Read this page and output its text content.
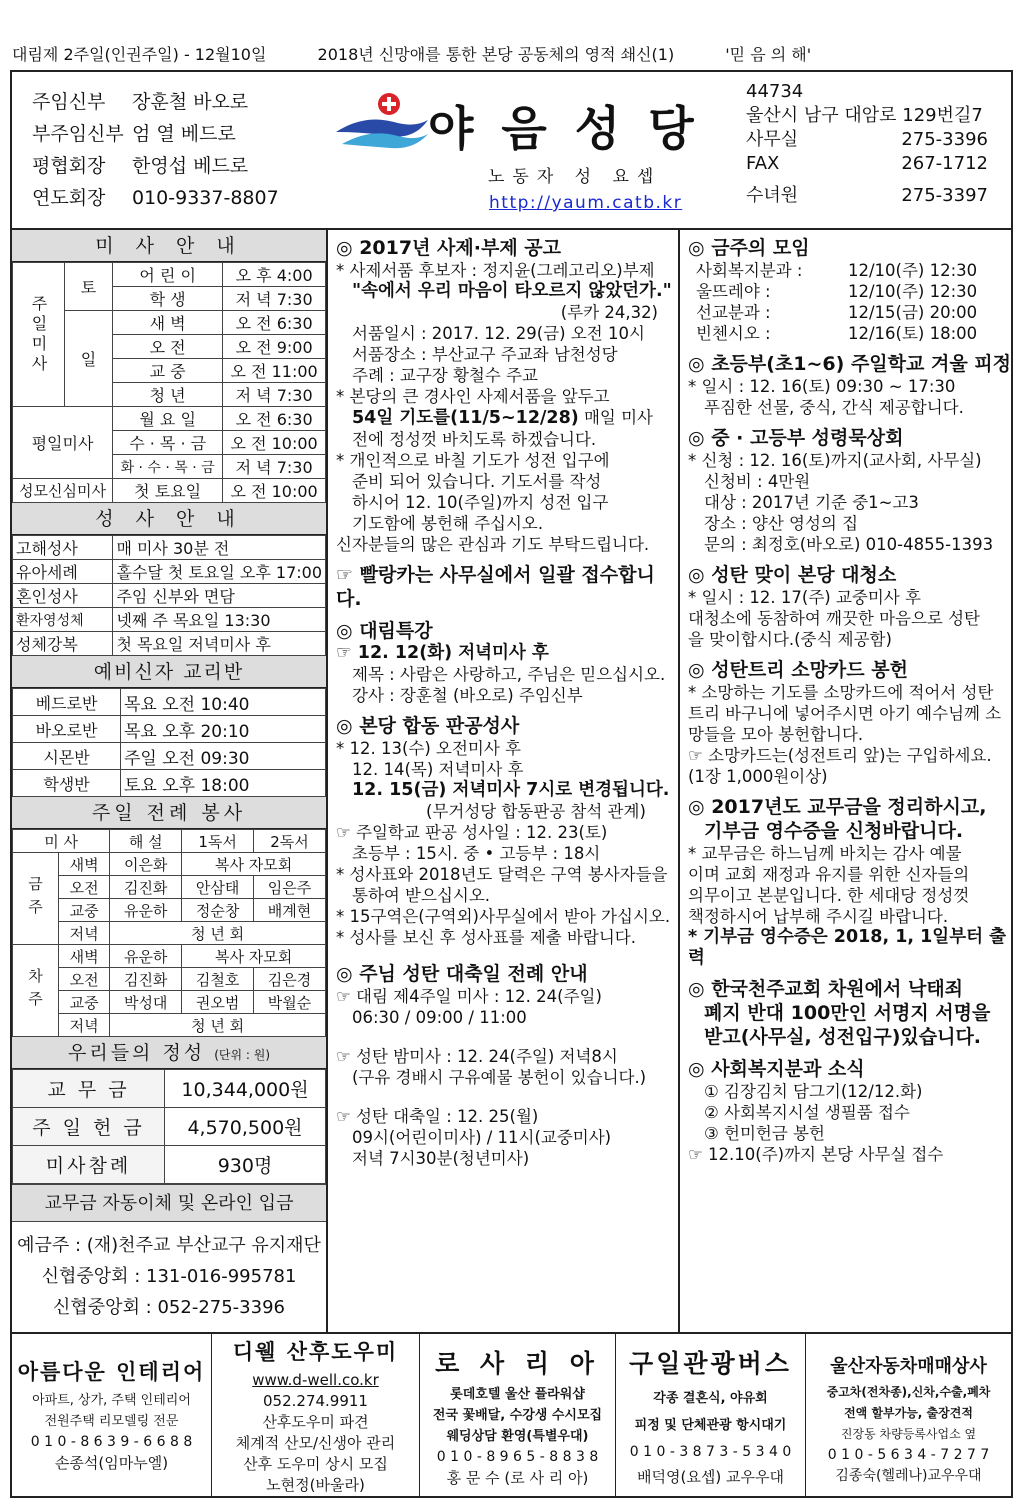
대림제 2주일(인권주일) - 12월10일	2018년 신망애를 통한 본당 공동체의 영적 쇄신(1)	'믿 음 의 해'
주임신부	장훈철 바오로
부주임신부 엄 열 베드로
평협회장	한영섭 베드로
연도회장	010-9337-8807
야음성당
노동자 성 요셉
http://yaum.catb.kr
44734
울산시 남구 대암로 129번길7
사무실	275-3396
FAX	267-1712
수녀원	275-3397
미 사 안 내
주일미사	토	어 린 이	오 후 4:00
		학 생	저 녁 7:30
	일	새 벽	오 전 6:30
		오 전	오 전 9:00
		교 중	오 전 11:00
		청 년	저 녁 7:30
평일미사		월 요 일	오 전 6:30
		수 · 목 · 금	오 전 10:00
		화 · 수 · 목 · 금	저 녁 7:30
성모신심미사		첫 토요일	오 전 10:00
성 사 안 내
고해성사	매 미사 30분 전
유아세례	홀수달 첫 토요일 오후 17:00
혼인성사	주임 신부와 면담
환자영성체	넷째 주 목요일 13:30
성체강복	첫 목요일 저녁미사 후
예비신자 교리반
베드로반	목요 오전 10:40
바오로반	목요 오후 20:10
시몬반	주일 오전 09:30
학생반	토요 오후 18:00
주일 전례 봉사
미 사		해 설	1독서	2독서
금주	새벽	이은화	복사 자모회	
	오전	김진화	안삼태	임은주
	교중	유운하	정순창	배계현
	저녁	청 년 회		
차주	새벽	유운하	복사 자모회	
	오전	김진화	김철호	김은경
	교중	박성대	권오범	박월순
	저녁	청 년 회		
우리들의 정성 (단위 : 원)
교 무 금	10,344,000원
주 일 헌 금	4,570,500원
미사참례	930명
교무금 자동이체 및 온라인 입금
예금주 : (재)천주교 부산교구 유지재단
신협중앙회 : 131-016-995781
신협중앙회 : 052-275-3396
◎ 2017년 사제·부제 공고
* 사제서품 후보자 : 정지윤(그레고리오)부제
"속에서 우리 마음이 타오르지 않았던가."
(루카 24,32)
서품일시 : 2017. 12. 29(금) 오전 10시
서품장소 : 부산교구 주교좌 남천성당
주례 : 교구장 황철수 주교
* 본당의 큰 경사인 사제서품을 앞두고
54일 기도를(11/5~12/28) 매일 미사
전에 정성껏 바치도록 하겠습니다.
* 개인적으로 바칠 기도가 성전 입구에
준비 되어 있습니다. 기도서를 작성
하시어 12. 10(주일)까지 성전 입구
기도함에 봉헌해 주십시오.
신자분들의 많은 관심과 기도 부탁드립니다.
☞ 빨랑카는 사무실에서 일괄 접수합니다.
◎ 대림특강
☞ 12. 12(화) 저녁미사 후
제목 : 사람은 사랑하고, 주님은 믿으십시오.
강사 : 장훈철 (바오로) 주임신부
◎ 본당 합동 판공성사
* 12. 13(수) 오전미사 후
12. 14(목) 저녁미사 후
12. 15(금) 저녁미사 7시로 변경됩니다.
(무거성당 합동판공 참석 관계)
☞ 주일학교 판공 성사일 : 12. 23(토)
초등부 : 15시. 중 • 고등부 : 18시
* 성사표와 2018년도 달력은 구역 봉사자들을
통하여 받으십시오.
* 15구역은(구역외)사무실에서 받아 가십시오.
* 성사를 보신 후 성사표를 제출 바랍니다.
◎ 주님 성탄 대축일 전례 안내
☞ 대림 제4주일 미사 : 12. 24(주일)
06:30 / 09:00 / 11:00
☞ 성탄 밤미사 : 12. 24(주일) 저녁8시
(구유 경배시 구유예물 봉헌이 있습니다.)
☞ 성탄 대축일 : 12. 25(월)
09시(어린이미사) / 11시(교중미사)
저녁 7시30분(청년미사)
◎ 금주의 모임
사회복지분과 :	12/10(주) 12:30
울뜨레야 :	12/10(주) 12:30
선교분과 :	12/15(금) 20:00
빈첸시오 :	12/16(토) 18:00
◎ 초등부(초1~6) 주일학교 겨울 피정
* 일시 : 12. 16(토) 09:30 ~ 17:30
푸짐한 선물, 중식, 간식 제공합니다.
◎ 중 · 고등부 성령묵상회
* 신청 : 12. 16(토)까지(교사회, 사무실)
신청비 : 4만원
대상 : 2017년 기준 중1~고3
장소 : 양산 영성의 집
문의 : 최정호(바오로) 010-4855-1393
◎ 성탄 맞이 본당 대청소
* 일시 : 12. 17(주) 교중미사 후
대청소에 동참하여 깨끗한 마음으로 성탄
을 맞이합시다.(중식 제공함)
◎ 성탄트리 소망카드 봉헌
* 소망하는 기도를 소망카드에 적어서 성탄
트리 바구니에 넣어주시면 아기 예수님께 소
망들을 모아 봉헌합니다.
☞ 소망카드는(성전트리 앞)는 구입하세요.
(1장 1,000원이상)
◎ 2017년도 교무금을 정리하시고,
기부금 영수증을 신청바랍니다.
* 교무금은 하느님께 바치는 감사 예물
이며 교회 재정과 유지를 위한 신자들의
의무이고 본분입니다. 한 세대당 정성껏
책정하시어 납부해 주시길 바랍니다.
* 기부금 영수증은 2018, 1, 1일부터 출력
◎ 한국천주교회 차원에서 낙태죄
폐지 반대 100만인 서명지 서명을
받고(사무실, 성전입구)있습니다.
◎ 사회복지분과 소식
① 김장김치 담그기(12/12.화)
② 사회복지시설 생필품 접수
③ 헌미헌금 봉헌
☞ 12.10(주)까지 본당 사무실 접수
아름다운 인테리어
아파트, 상가, 주택 인테리어
전원주택 리모델링 전문
0 1 0 - 8 6 3 9 - 6 6 8 8
손종석(임마누엘)
디웰 산후도우미
www.d-well.co.kr
052.274.9911
산후도우미 파견
체계적 산모/신생아 관리
산후 도우미 상시 모집
노현정(바울라)
로 사 리 아
롯데호텔 울산 플라워샵
전국 꽃배달, 수강생 수시모집
웨딩상담 환영(특별우대)
0 1 0 - 8 9 6 5 - 8 8 3 8
홍 문 수 (로 사 리 아)
구일관광버스
각종 결혼식, 야유회
피정 및 단체관광 항시대기
0 1 0 - 3 8 7 3 - 5 3 4 0
배덕영(요셉) 교우우대
울산자동차매매상사
중고차(전차종),신차,수출,폐차
전액 할부가능, 출장견적
진장동 차량등록사업소 옆
0 1 0 - 5 6 3 4 - 7 2 7 7
김종숙(헬레나)교우우대
